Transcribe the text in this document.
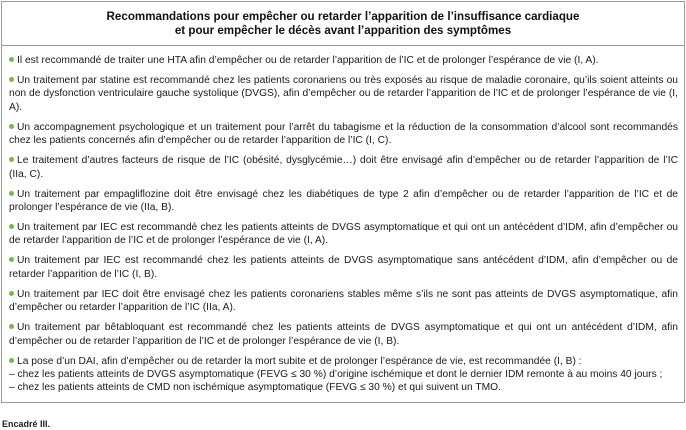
Recommandations pour empêcher ou retarder l’apparition de l’insuffisance cardiaque
et pour empêcher le décès avant l’apparition des symptômes

Il est recommandé de traiter une HTA afin d’empêcher ou de retarder l’apparition de l’IC et de prolonger l’espérance de vie (I, A).

Un traitement par statine est recommandé chez les patients coronariens ou très exposés au risque de maladie coronaire, qu’ils soient atteints ou non de dysfonction ventriculaire gauche systolique (DVGS), afin d’empêcher ou de retarder l’apparition de l’IC et de prolonger l’espérance de vie (I, A).

Un accompagnement psychologique et un traitement pour l’arrêt du tabagisme et la réduction de la consommation d’alcool sont recommandés chez les patients concernés afin d’empêcher ou de retarder l’apparition de l’IC (I, C).

Le traitement d’autres facteurs de risque de l’IC (obésité, dysglycémie…) doit être envisagé afin d’empêcher ou de retarder l’apparition de l’IC (IIa, C).

Un traitement par empagliflozine doit être envisagé chez les diabétiques de type 2 afin d’empêcher ou de retarder l’apparition de l’IC et de prolonger l’espérance de vie (IIa, B).

Un traitement par IEC est recommandé chez les patients atteints de DVGS asymptomatique et qui ont un antécédent d’IDM, afin d’empêcher ou de retarder l’apparition de l’IC et de prolonger l’espérance de vie (I, A).

Un traitement par IEC est recommandé chez les patients atteints de DVGS asymptomatique sans antécédent d’IDM, afin d’empêcher ou de retarder l’apparition de l’IC (I, B).

Un traitement par IEC doit être envisagé chez les patients coronariens stables même s’ils ne sont pas atteints de DVGS asymptomatique, afin d’empêcher ou retarder l’apparition de l’IC (IIa, A).

Un traitement par bêtabloquant est recommandé chez les patients atteints de DVGS asymptomatique et qui ont un antécédent d’IDM, afin d’empêcher ou de retarder l’apparition de l’IC et de prolonger l’espérance de vie (I, B).

La pose d’un DAI, afin d’empêcher ou de retarder la mort subite et de prolonger l’espérance de vie, est recommandée (I, B) :
– chez les patients atteints de DVGS asymptomatique (FEVG ≤ 30 %) d’origine ischémique et dont le dernier IDM remonte à au moins 40 jours ;
– chez les patients atteints de CMD non ischémique asymptomatique (FEVG ≤ 30 %) et qui suivent un TMO.

Encadré III.
